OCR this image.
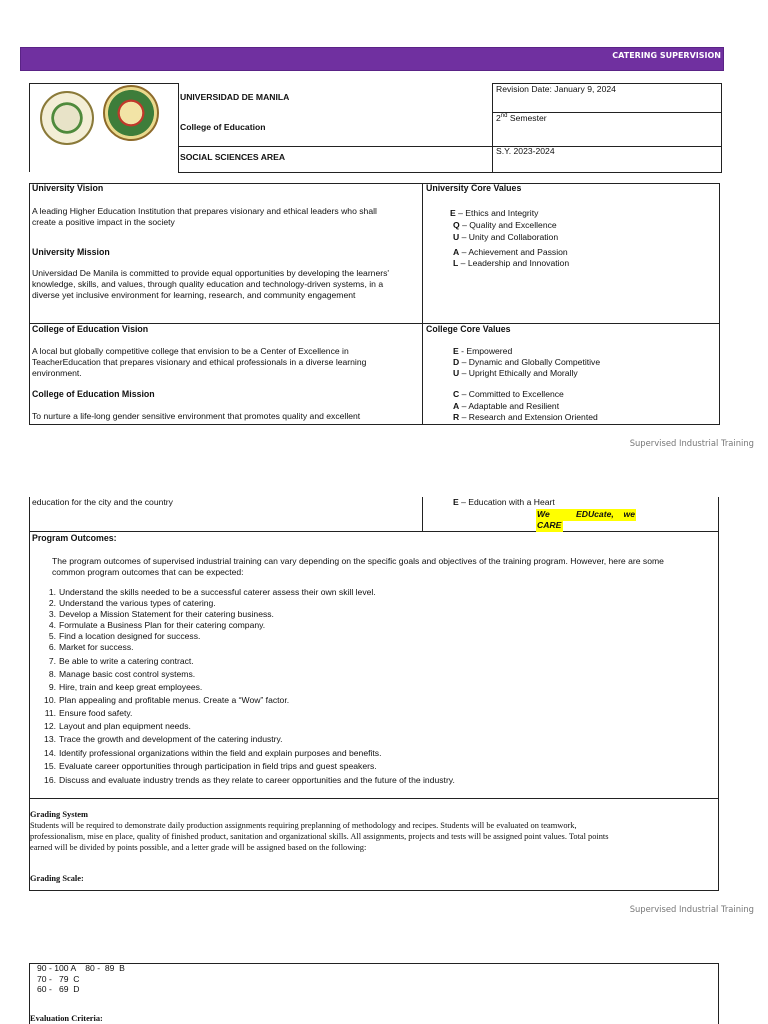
CATERING SUPERVISION
UNIVERSIDAD DE MANILA
College of Education
SOCIAL SCIENCES AREA
Revision Date: January 9, 2024
2nd Semester
S.Y. 2023-2024
University Vision
A leading Higher Education Institution that prepares visionary and ethical leaders who shall
create a positive impact in the society
University Mission
Universidad De Manila is committed to provide equal opportunities by developing the learners'
knowledge, skills, and values, through quality education and technology-driven systems, in a
diverse yet inclusive environment for learning, research, and community engagement
University Core Values
E – Ethics and Integrity
Q – Quality and Excellence
U – Unity and Collaboration
A – Achievement and Passion
L – Leadership and Innovation
College of Education Vision
A local but globally competitive college that envision to be a Center of Excellence in
TeacherEducation that prepares visionary and ethical professionals in a diverse learning
environment.
College of Education Mission
To nurture a life-long gender sensitive environment that promotes quality and excellent
College Core Values
E - Empowered
D – Dynamic and Globally Competitive
U – Upright Ethically and Morally
C – Committed to Excellence
A – Adaptable and Resilient
R – Research and Extension Oriented
Supervised Industrial Training
education for the city and the country	E – Education with a Heart
We	EDUcate, we
CARE
Program Outcomes:
The program outcomes of supervised industrial training can vary depending on the specific goals and objectives of the training program. However, here are some
common program outcomes that can be expected:
1. Understand the skills needed to be a successful caterer assess their own skill level.
2. Understand the various types of catering.
3. Develop a Mission Statement for their catering business.
4. Formulate a Business Plan for their catering company.
5. Find a location designed for success.
6. Market for success.
7. Be able to write a catering contract.
8. Manage basic cost control systems.
9. Hire, train and keep great employees.
10. Plan appealing and profitable menus. Create a “Wow” factor.
11. Ensure food safety.
12. Layout and plan equipment needs.
13. Trace the growth and development of the catering industry.
14. Identify professional organizations within the field and explain purposes and benefits.
15. Evaluate career opportunities through participation in field trips and guest speakers.
16. Discuss and evaluate industry trends as they relate to career opportunities and the future of the industry.
Grading System
Students will be required to demonstrate daily production assignments requiring preplanning of methodology and recipes. Students will be evaluated on teamwork,
professionalism, mise en place, quality of finished product, sanitation and organizational skills. All assignments, projects and tests will be assigned point values. Total points
earned will be divided by points possible, and a letter grade will be assigned based on the following:
Grading Scale:
Supervised Industrial Training
90 - 100 A    80 -  89  B
70 -   79  C
60 -   69  D
Evaluation Criteria:
